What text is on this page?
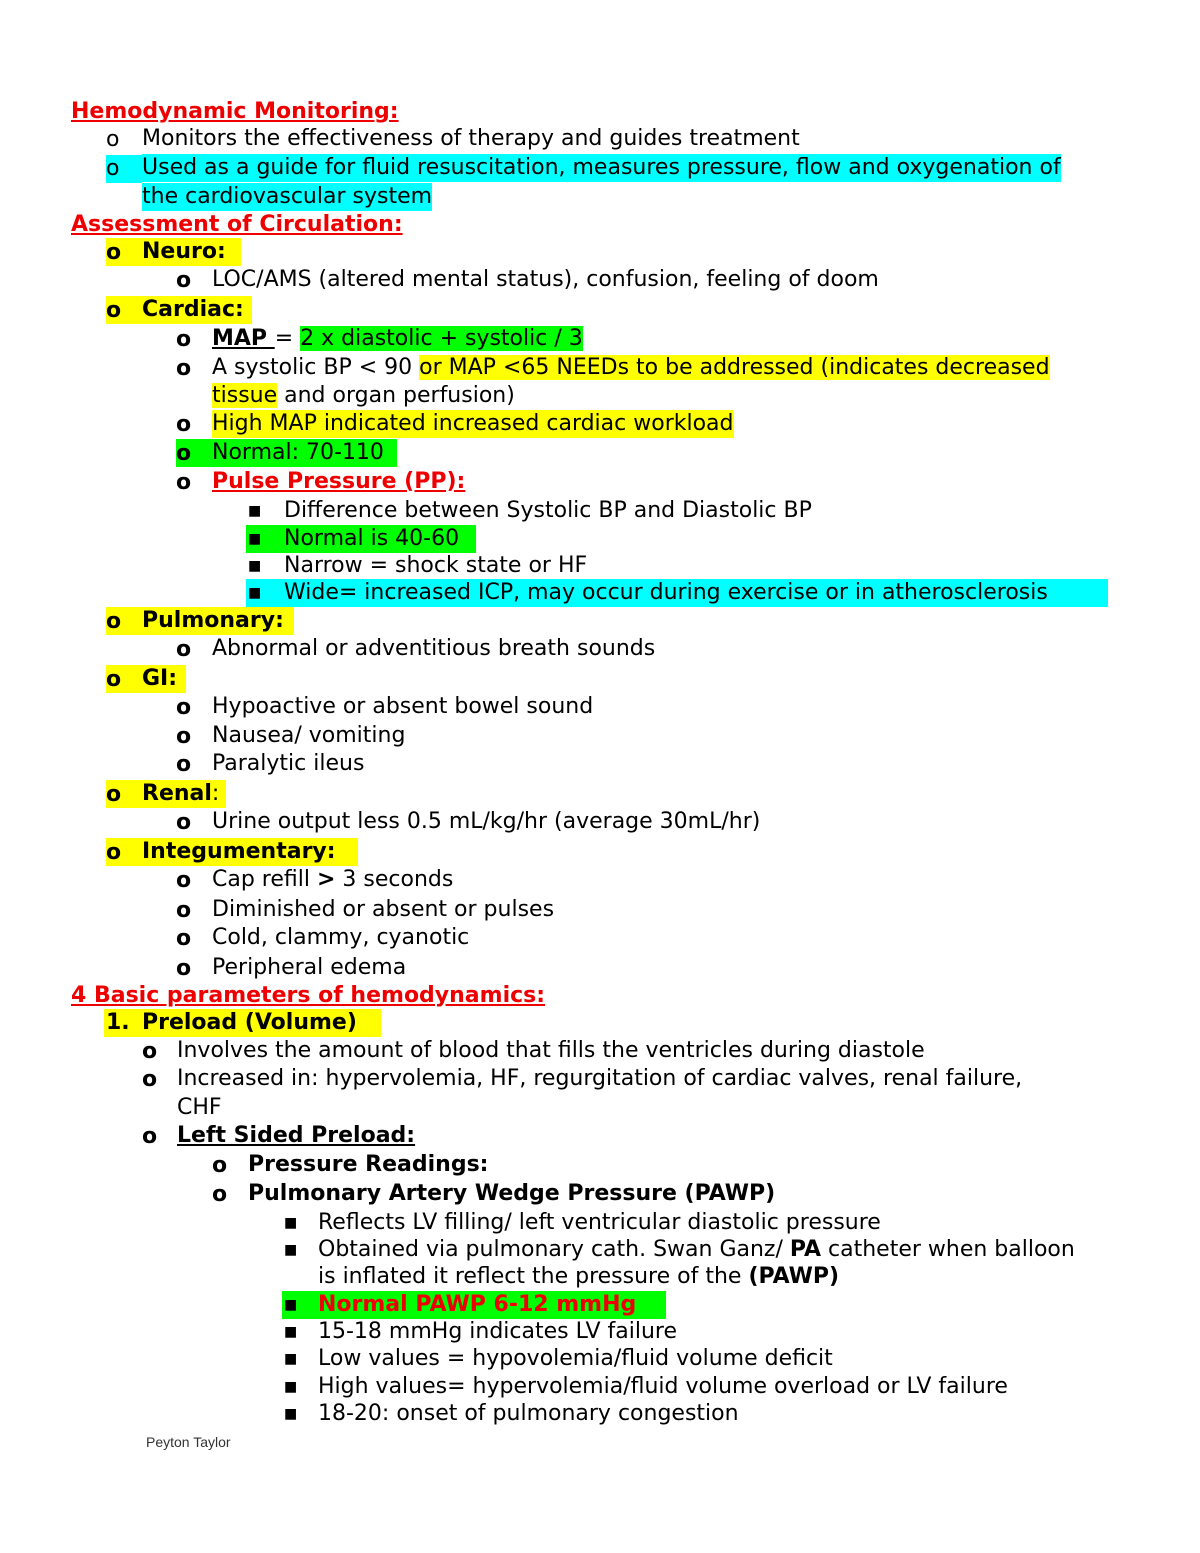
Hemodynamic Monitoring:
o Monitors the effectiveness of therapy and guides treatment
o	Used as a guide for fluid resuscitation, measures pressure, flow and oxygenation of
the cardiovascular system
Assessment of Circulation:

o Neuro:
o LOC/AMS (altered mental status), confusion, feeling of doom

o Cardiac:
o MAP = 2 x diastolic + systolic / 3
o A systolic BP < 90 or MAP <65 NEEDs to be addressed (indicates decreased
tissue and organ perfusion)
o High MAP indicated increased cardiac workload

o Normal: 70-110
o Pulse Pressure (PP):
■ Difference between Systolic BP and Diastolic BP

■ Normal is 40-60
■ Narrow = shock state or HF

■ Wide= increased ICP, may occur during exercise or in atherosclerosis

o Pulmonary:
o Abnormal or adventitious breath sounds

o GI:
o Hypoactive or absent bowel sound
o Nausea/ vomiting
o Paralytic ileus

o Renal:
o Urine output less 0.5 mL/kg/hr (average 30mL/hr)

o Integumentary:
o Cap refill > 3 seconds
o Diminished or absent or pulses
o Cold, clammy, cyanotic
o Peripheral edema
4 Basic parameters of hemodynamics:

1. Preload (Volume)
o Involves the amount of blood that fills the ventricles during diastole
o Increased in: hypervolemia, HF, regurgitation of cardiac valves, renal failure,
CHF
o Left Sided Preload:
o Pressure Readings:
o Pulmonary Artery Wedge Pressure (PAWP)
■ Reflects LV filling/ left ventricular diastolic pressure
■ Obtained via pulmonary cath. Swan Ganz/ PA catheter when balloon
is inflated it reflect the pressure of the (PAWP)

■ Normal PAWP 6-12 mmHg
■ 15-18 mmHg indicates LV failure
■ Low values = hypovolemia/fluid volume deficit
■ High values= hypervolemia/fluid volume overload or LV failure
■ 18-20: onset of pulmonary congestion
Peyton Taylor
